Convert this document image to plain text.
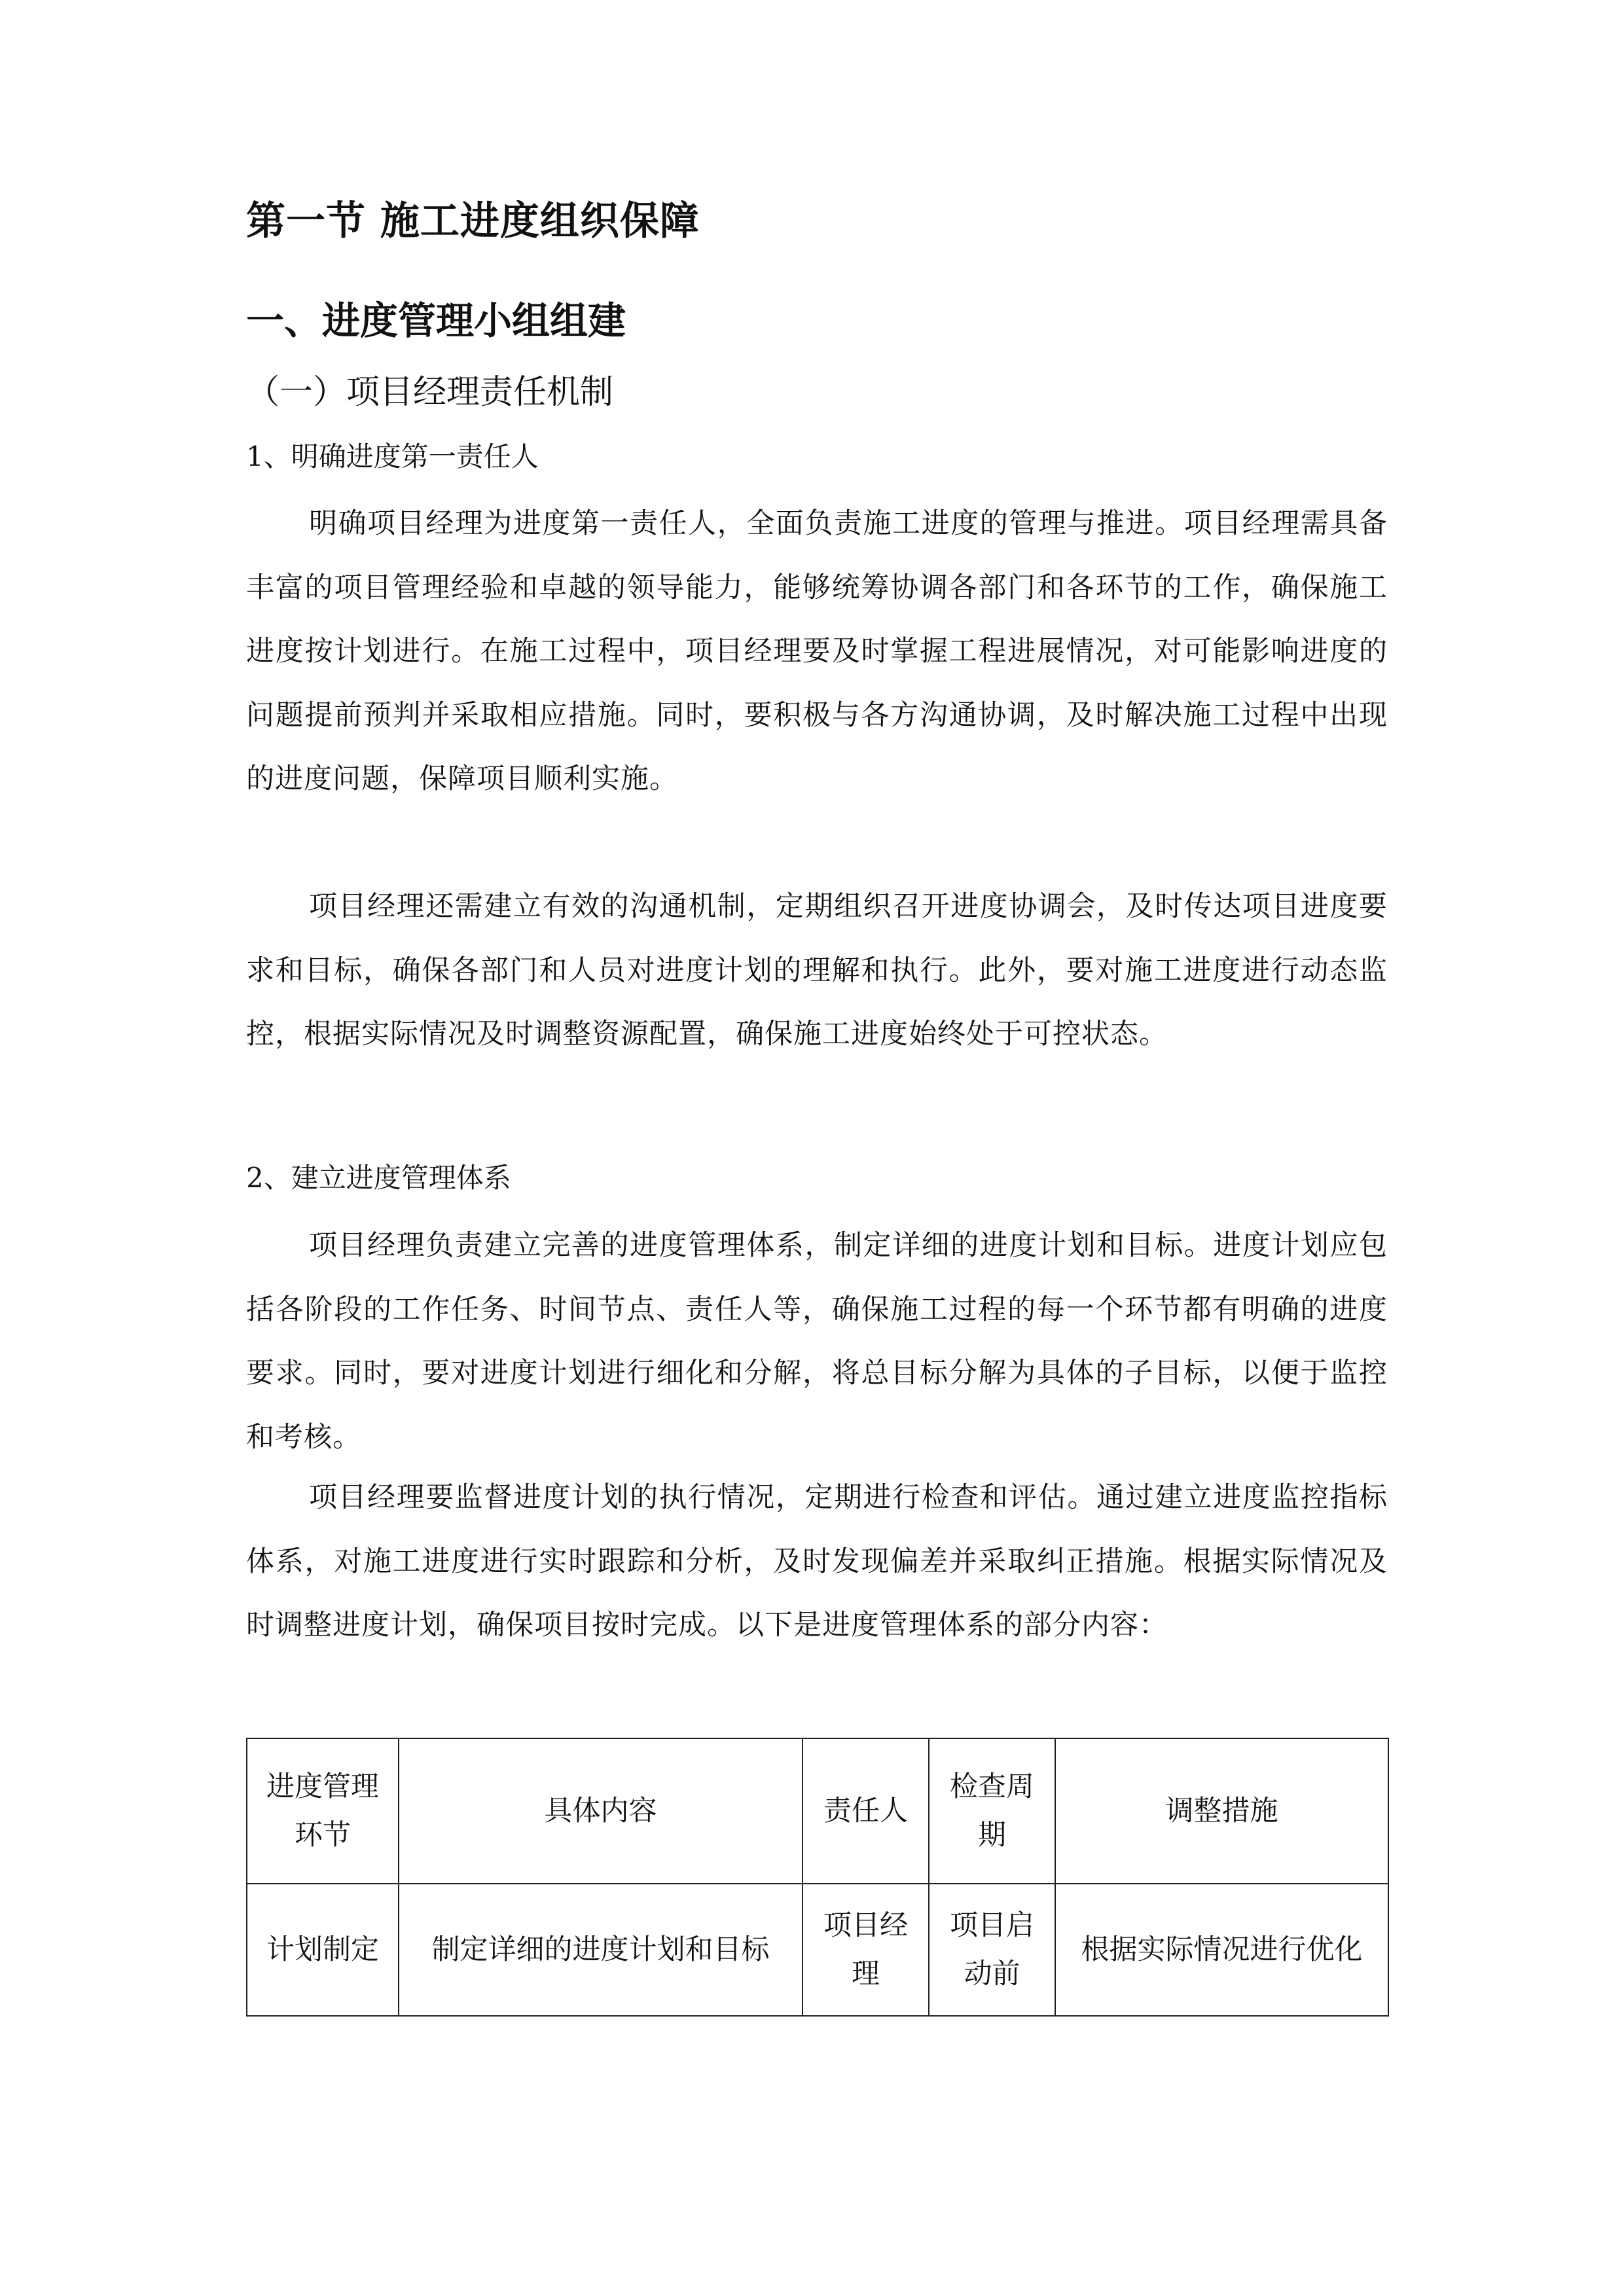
第一节 施工进度组织保障
一、进度管理小组组建
（一）项目经理责任机制
1、明确进度第一责任人

明确项目经理为进度第一责任人，全面负责施工进度的管理与推进。项目经理需具备丰富的项目管理经验和卓越的领导能力，能够统筹协调各部门和各环节的工作，确保施工进度按计划进行。在施工过程中，项目经理要及时掌握工程进展情况，对可能影响进度的问题提前预判并采取相应措施。同时，要积极与各方沟通协调，及时解决施工过程中出现的进度问题，保障项目顺利实施。

项目经理还需建立有效的沟通机制，定期组织召开进度协调会，及时传达项目进度要求和目标，确保各部门和人员对进度计划的理解和执行。此外，要对施工进度进行动态监控，根据实际情况及时调整资源配置，确保施工进度始终处于可控状态。

2、建立进度管理体系

项目经理负责建立完善的进度管理体系，制定详细的进度计划和目标。进度计划应包括各阶段的工作任务、时间节点、责任人等，确保施工过程的每一个环节都有明确的进度要求。同时，要对进度计划进行细化和分解，将总目标分解为具体的子目标，以便于监控和考核。

项目经理要监督进度计划的执行情况，定期进行检查和评估。通过建立进度监控指标体系，对施工进度进行实时跟踪和分析，及时发现偏差并采取纠正措施。根据实际情况及时调整进度计划，确保项目按时完成。以下是进度管理体系的部分内容：

进度管理环节	具体内容	责任人	检查周期	调整措施
计划制定	制定详细的进度计划和目标	项目经理	项目启动前	根据实际情况进行优化
